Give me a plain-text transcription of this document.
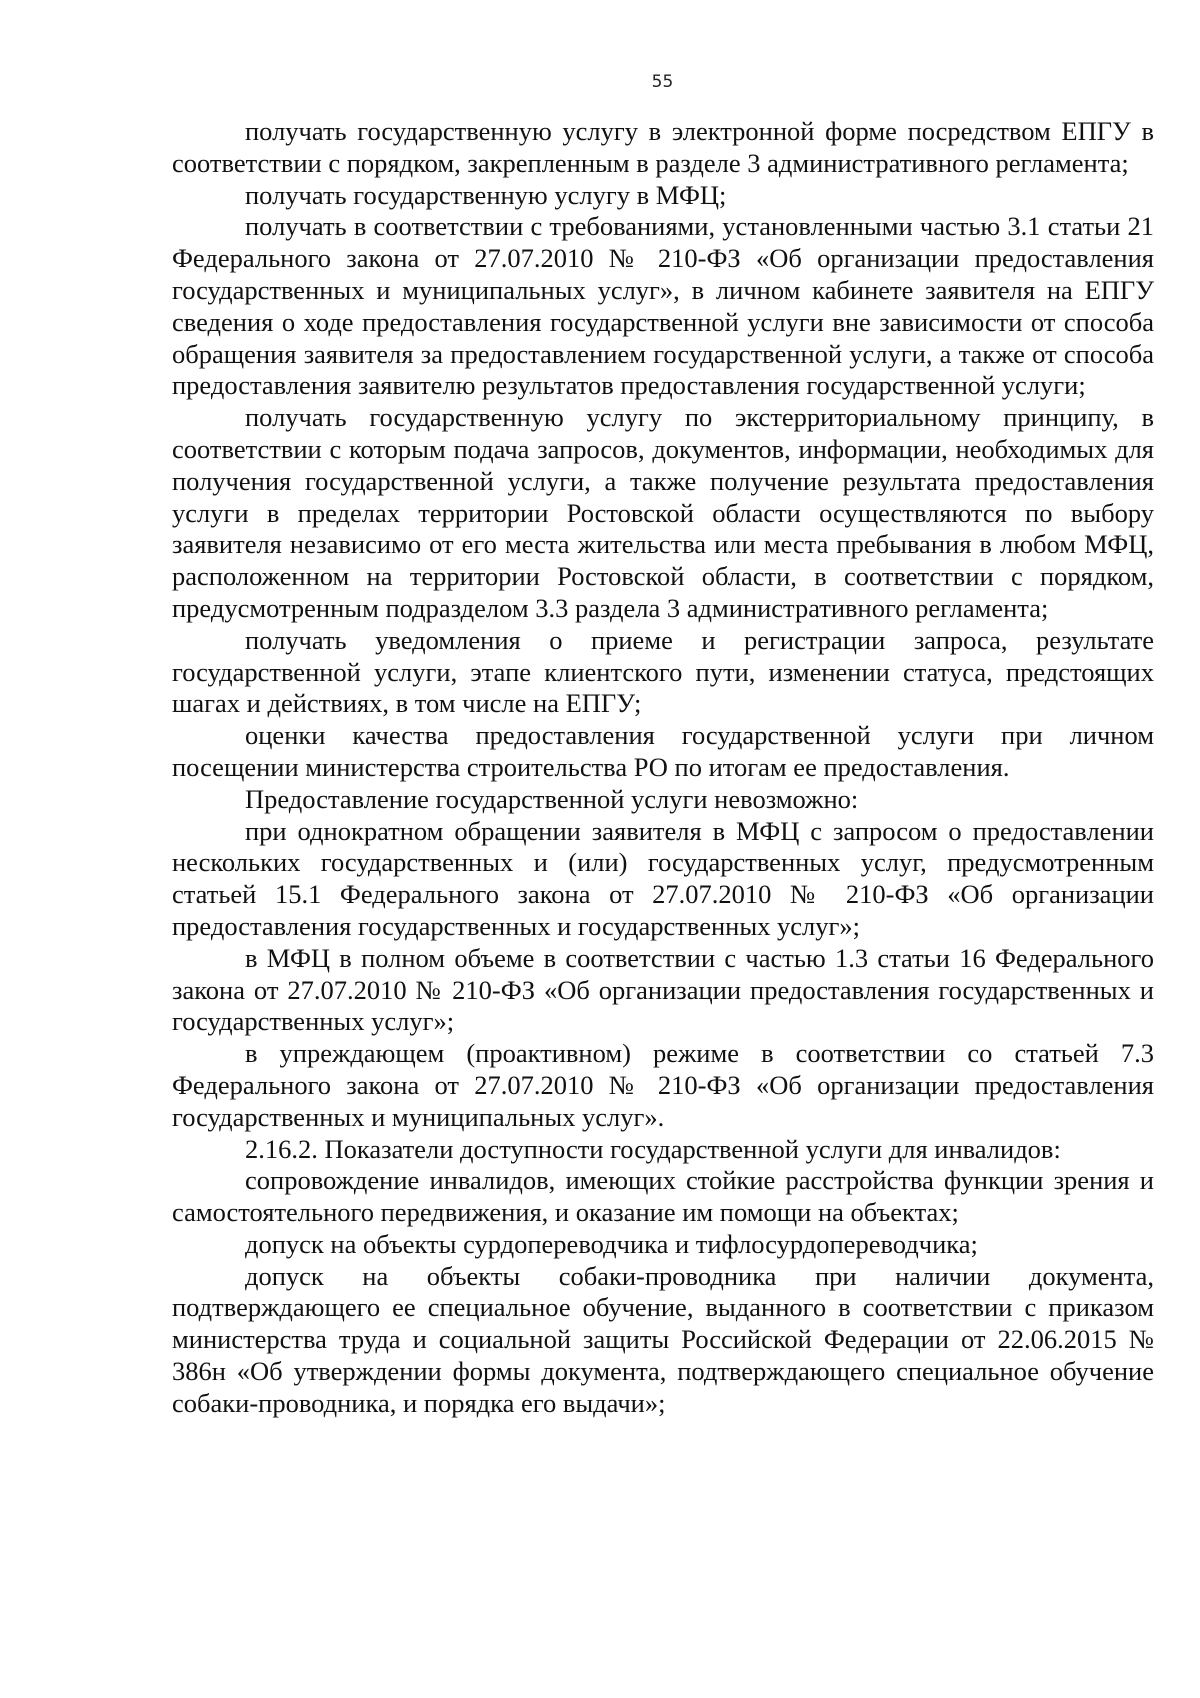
55

получать государственную услугу в электронной форме посредством ЕПГУ в соответствии с порядком, закрепленным в разделе 3 административного регламента;

получать государственную услугу в МФЦ;

получать в соответствии с требованиями, установленными частью 3.1 статьи 21 Федерального закона от 27.07.2010 № 210-ФЗ «Об организации предоставления государственных и муниципальных услуг», в личном кабинете заявителя на ЕПГУ сведения о ходе предоставления государственной услуги вне зависимости от способа обращения заявителя за предоставлением государственной услуги, а также от способа предоставления заявителю результатов предоставления государственной услуги;

получать государственную услугу по экстерриториальному принципу, в соответствии с которым подача запросов, документов, информации, необходимых для получения государственной услуги, а также получение результата предоставления услуги в пределах территории Ростовской области осуществляются по выбору заявителя независимо от его места жительства или места пребывания в любом МФЦ, расположенном на территории Ростовской области, в соответствии с порядком, предусмотренным подразделом 3.3 раздела 3 административного регламента;

получать уведомления о приеме и регистрации запроса, результате государственной услуги, этапе клиентского пути, изменении статуса, предстоящих шагах и действиях, в том числе на ЕПГУ;

оценки качества предоставления государственной услуги при личном посещении министерства строительства РО по итогам ее предоставления.

Предоставление государственной услуги невозможно:

при однократном обращении заявителя в МФЦ с запросом о предоставлении нескольких государственных и (или) государственных услуг, предусмотренным статьей 15.1 Федерального закона от 27.07.2010 № 210-ФЗ «Об организации предоставления государственных и государственных услуг»;

в МФЦ в полном объеме в соответствии с частью 1.3 статьи 16 Федерального закона от 27.07.2010 № 210-ФЗ «Об организации предоставления государственных и государственных услуг»;

в упреждающем (проактивном) режиме в соответствии со статьей 7.3 Федерального закона от 27.07.2010 № 210-ФЗ «Об организации предоставления государственных и муниципальных услуг».

2.16.2. Показатели доступности государственной услуги для инвалидов:

сопровождение инвалидов, имеющих стойкие расстройства функции зрения и самостоятельного передвижения, и оказание им помощи на объектах;

допуск на объекты сурдопереводчика и тифлосурдопереводчика;

допуск на объекты собаки-проводника при наличии документа, подтверждающего ее специальное обучение, выданного в соответствии с приказом министерства труда и социальной защиты Российской Федерации от 22.06.2015 № 386н «Об утверждении формы документа, подтверждающего специальное обучение собаки-проводника, и порядка его выдачи»;
